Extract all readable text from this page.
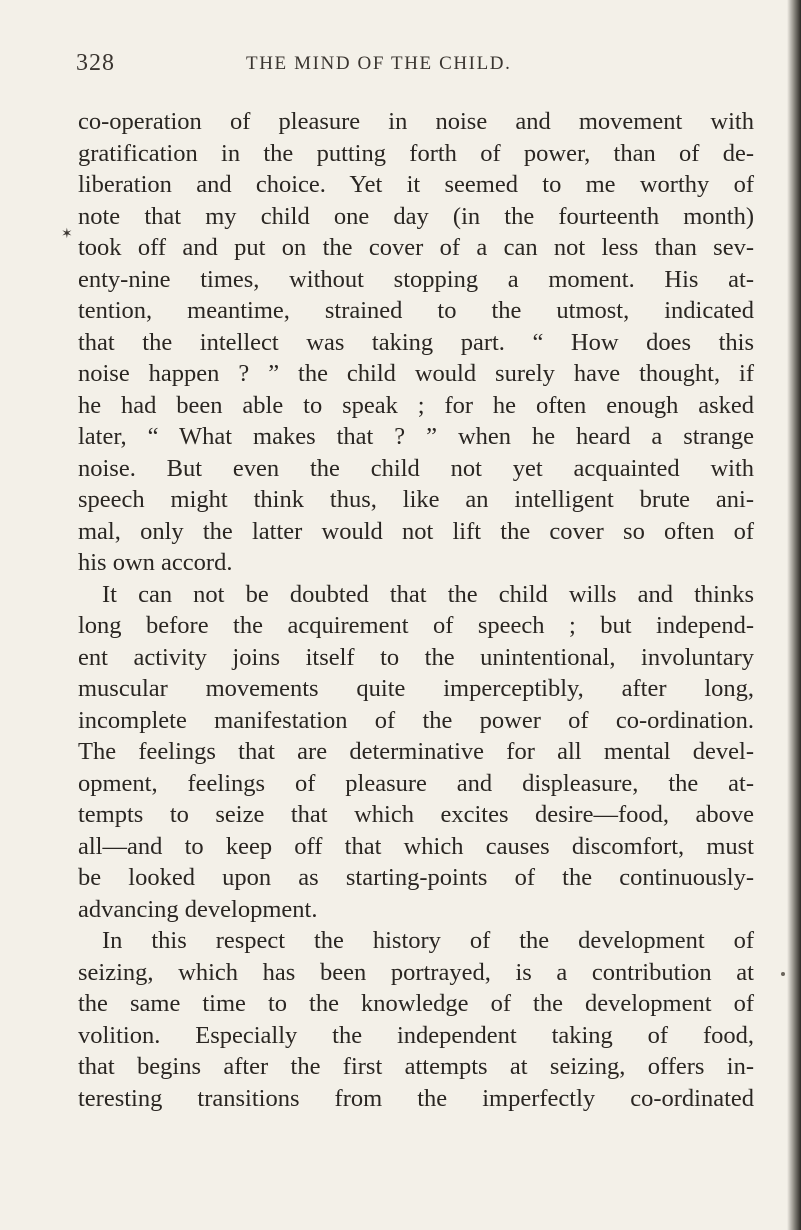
328	THE MIND OF THE CHILD.
✶
co-operation of pleasure in noise and movement with
gratification in the putting forth of power, than of de-
liberation and choice. Yet it seemed to me worthy of
note that my child one day (in the fourteenth month)
took off and put on the cover of a can not less than sev-
enty-nine times, without stopping a moment. His at-
tention, meantime, strained to the utmost, indicated
that the intellect was taking part. “ How does this
noise happen ? ” the child would surely have thought, if
he had been able to speak ; for he often enough asked
later, “ What makes that ? ” when he heard a strange
noise. But even the child not yet acquainted with
speech might think thus, like an intelligent brute ani-
mal, only the latter would not lift the cover so often of
his own accord.
It can not be doubted that the child wills and thinks
long before the acquirement of speech ; but independ-
ent activity joins itself to the unintentional, involuntary
muscular movements quite imperceptibly, after long,
incomplete manifestation of the power of co-ordination.
The feelings that are determinative for all mental devel-
opment, feelings of pleasure and displeasure, the at-
tempts to seize that which excites desire—food, above
all—and to keep off that which causes discomfort, must
be looked upon as starting-points of the continuously-
advancing development.
In this respect the history of the development of
seizing, which has been portrayed, is a contribution at
the same time to the knowledge of the development of
volition. Especially the independent taking of food,
that begins after the first attempts at seizing, offers in-
teresting transitions from the imperfectly co-ordinated
